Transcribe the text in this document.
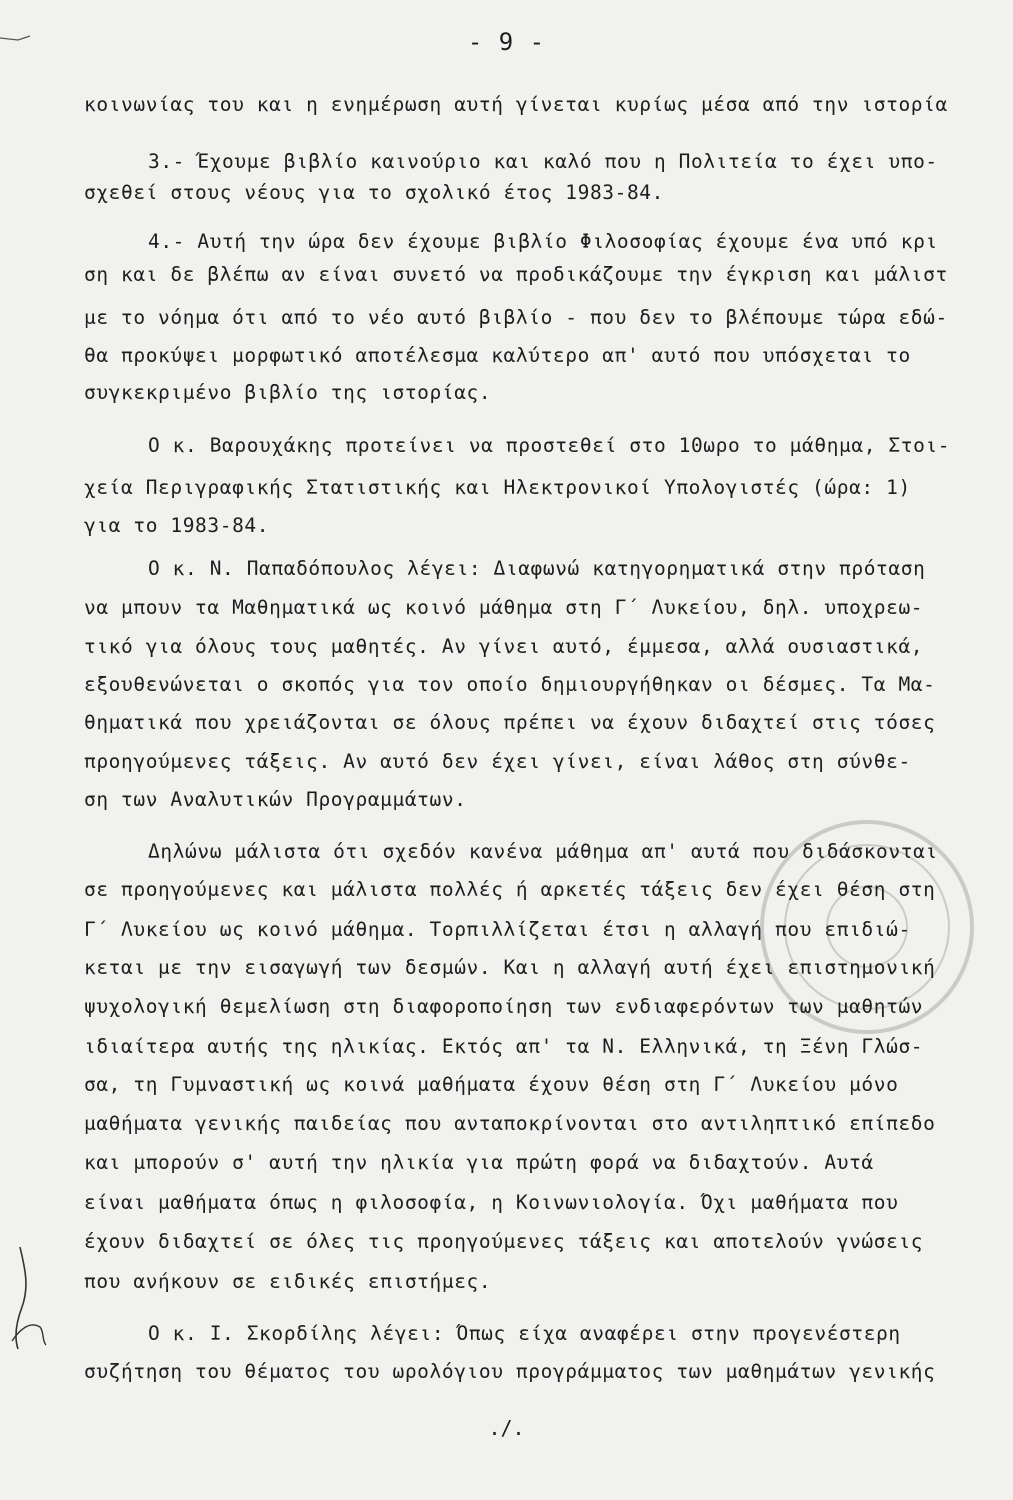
- 9 -
κοινωνίας του και η ενημέρωση αυτή γίνεται κυρίως μέσα από την ιστορία
3.- Έχουμε βιβλίο καινούριο και καλό που η Πολιτεία το έχει υπο-
σχεθεί στους νέους για το σχολικό έτος 1983-84.
4.- Αυτή την ώρα δεν έχουμε βιβλίο Φιλοσοφίας έχουμε ένα υπό κρι
ση και δε βλέπω αν είναι συνετό να προδικάζουμε την έγκριση και μάλιστ
με το νόημα ότι από το νέο αυτό βιβλίο - που δεν το βλέπουμε τώρα εδώ-
θα προκύψει μορφωτικό αποτέλεσμα καλύτερο απ' αυτό που υπόσχεται το
συγκεκριμένο βιβλίο της ιστορίας.
Ο κ. Βαρουχάκης προτείνει να προστεθεί στο 10ωρο το μάθημα, Στοι-
χεία Περιγραφικής Στατιστικής και Ηλεκτρονικοί Υπολογιστές (ώρα: 1)
για το 1983-84.
Ο κ. Ν. Παπαδόπουλος λέγει: Διαφωνώ κατηγορηματικά στην πρόταση
να μπουν τα Μαθηματικά ως κοινό μάθημα στη Γ΄ Λυκείου, δηλ. υποχρεω-
τικό για όλους τους μαθητές. Αν γίνει αυτό, έμμεσα, αλλά ουσιαστικά,
εξουθενώνεται ο σκοπός για τον οποίο δημιουργήθηκαν οι δέσμες. Τα Μα-
θηματικά που χρειάζονται σε όλους πρέπει να έχουν διδαχτεί στις τόσες
προηγούμενες τάξεις. Αν αυτό δεν έχει γίνει, είναι λάθος στη σύνθε-
ση των Αναλυτικών Προγραμμάτων.
Δηλώνω μάλιστα ότι σχεδόν κανένα μάθημα απ' αυτά που διδάσκονται
σε προηγούμενες και μάλιστα πολλές ή αρκετές τάξεις δεν έχει θέση στη
Γ΄ Λυκείου ως κοινό μάθημα. Τορπιλλίζεται έτσι η αλλαγή που επιδιώ-
κεται με την εισαγωγή των δεσμών. Και η αλλαγή αυτή έχει επιστημονική
ψυχολογική θεμελίωση στη διαφοροποίηση των ενδιαφερόντων των μαθητών
ιδιαίτερα αυτής της ηλικίας. Εκτός απ' τα Ν. Ελληνικά, τη Ξένη Γλώσ-
σα, τη Γυμναστική ως κοινά μαθήματα έχουν θέση στη Γ΄ Λυκείου μόνο
μαθήματα γενικής παιδείας που ανταποκρίνονται στο αντιληπτικό επίπεδο
και μπορούν σ' αυτή την ηλικία για πρώτη φορά να διδαχτούν. Αυτά
είναι μαθήματα όπως η φιλοσοφία, η Κοινωνιολογία. Όχι μαθήματα που
έχουν διδαχτεί σε όλες τις προηγούμενες τάξεις και αποτελούν γνώσεις
που ανήκουν σε ειδικές επιστήμες.
Ο κ. Ι. Σκορδίλης λέγει: Όπως είχα αναφέρει στην προγενέστερη
συζήτηση του θέματος του ωρολόγιου προγράμματος των μαθημάτων γενικής
./.
